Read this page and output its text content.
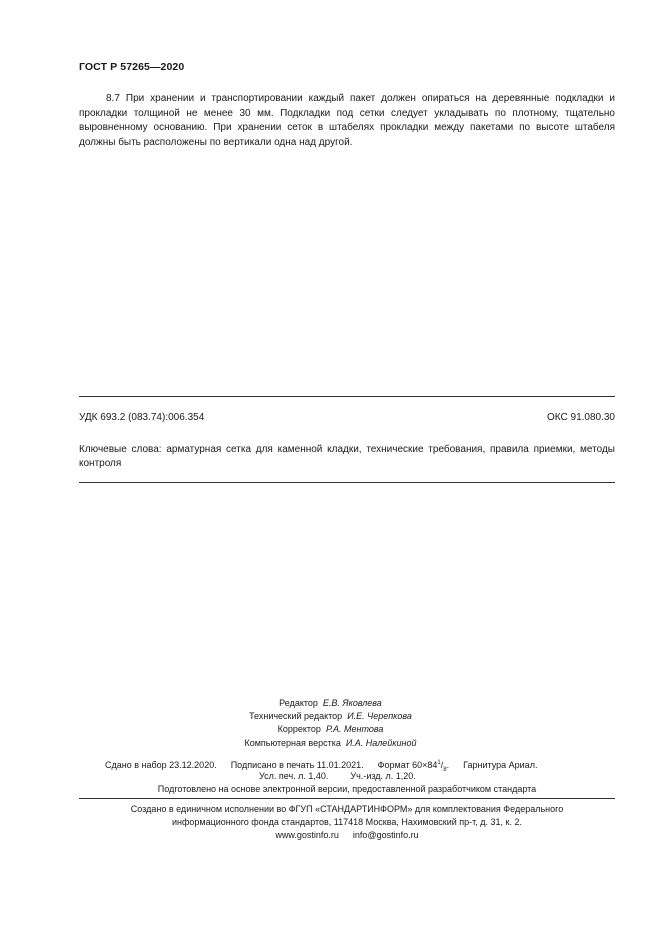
ГОСТ Р 57265—2020
8.7 При хранении и транспортировании каждый пакет должен опираться на деревянные подкладки и прокладки толщиной не менее 30 мм. Подкладки под сетки следует укладывать по плотному, тщательно выровненному основанию. При хранении сеток в штабелях прокладки между пакетами по высоте штабеля должны быть расположены по вертикали одна над другой.
УДК 693.2 (083.74):006.354	ОКС 91.080.30
Ключевые слова: арматурная сетка для каменной кладки, технические требования, правила приемки, методы контроля
Редактор Е.В. Яковлева
Технический редактор И.Е. Черепкова
Корректор Р.А. Ментова
Компьютерная верстка И.А. Налейкиной
Сдано в набор 23.12.2020. Подписано в печать 11.01.2021. Формат $60\times 84^1/_8$. Гарнитура Ариал.
Усл. печ. л. 1,40. Уч.-изд. л. 1,20.
Подготовлено на основе электронной версии, предоставленной разработчиком стандарта
Создано в единичном исполнении во ФГУП «СТАНДАРТИНФОРМ» для комплектования Федерального
информационного фонда стандартов, 117418 Москва, Нахимовский пр-т, д. 31, к. 2.
www.gostinfo.ru info@gostinfo.ru
